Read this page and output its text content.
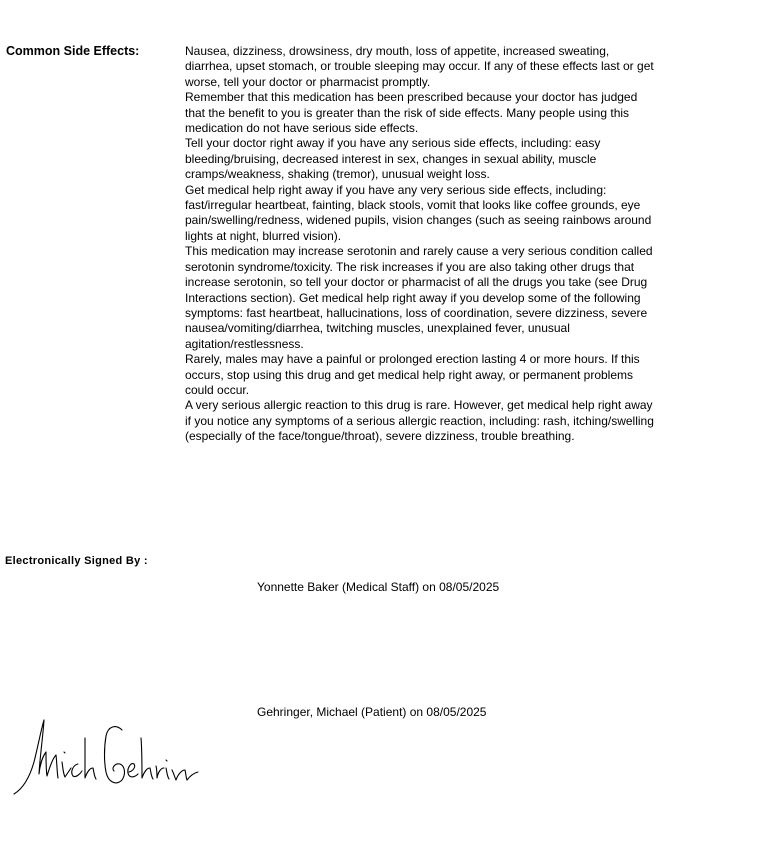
Common Side Effects:	Nausea, dizziness, drowsiness, dry mouth, loss of appetite, increased sweating, diarrhea, upset stomach, or trouble sleeping may occur. If any of these effects last or get worse, tell your doctor or pharmacist promptly.

Remember that this medication has been prescribed because your doctor has judged that the benefit to you is greater than the risk of side effects. Many people using this medication do not have serious side effects.

Tell your doctor right away if you have any serious side effects, including: easy bleeding/bruising, decreased interest in sex, changes in sexual ability, muscle cramps/weakness, shaking (tremor), unusual weight loss.

Get medical help right away if you have any very serious side effects, including: fast/irregular heartbeat, fainting, black stools, vomit that looks like coffee grounds, eye pain/swelling/redness, widened pupils, vision changes (such as seeing rainbows around lights at night, blurred vision).

This medication may increase serotonin and rarely cause a very serious condition called serotonin syndrome/toxicity. The risk increases if you are also taking other drugs that increase serotonin, so tell your doctor or pharmacist of all the drugs you take (see Drug Interactions section). Get medical help right away if you develop some of the following symptoms: fast heartbeat, hallucinations, loss of coordination, severe dizziness, severe nausea/vomiting/diarrhea, twitching muscles, unexplained fever, unusual agitation/restlessness.

Rarely, males may have a painful or prolonged erection lasting 4 or more hours. If this occurs, stop using this drug and get medical help right away, or permanent problems could occur.

A very serious allergic reaction to this drug is rare. However, get medical help right away if you notice any symptoms of a serious allergic reaction, including: rash, itching/swelling (especially of the face/tongue/throat), severe dizziness, trouble breathing.

Electronically Signed By :
Yonnette Baker (Medical Staff) on 08/05/2025
Gehringer, Michael (Patient) on 08/05/2025
